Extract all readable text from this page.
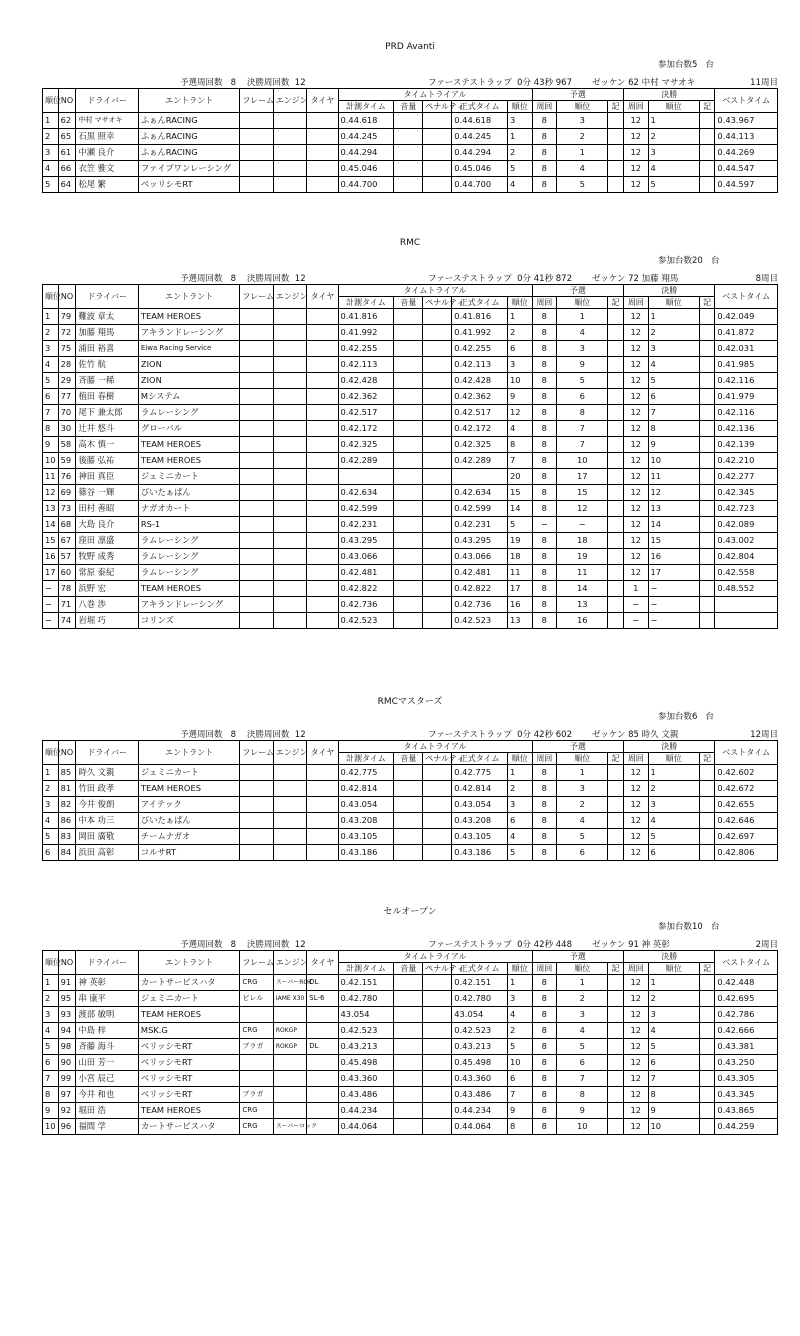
PRD Avanti
参加台数5 台
予選周回数 8 決勝周回数 12	ファーステストラップ 0分 43秒 967 ゼッケン 62 中村 マサオキ	11周目
順位	NO	ドライバー	エントラント	フレーム	エンジン	タイヤ	タイムトライアル					予選			決勝			ベストタイム
							計測タイム	音量	ペナルティ	正式タイム	順位	周回	順位	記	周回	順位	記	
1	62	中村 マサオキ	ふぁんRACING				0.44.618			0.44.618	3	8	3		12	1		0.43.967
2	65	石黒 照幸	ふぁんRACING				0.44.245			0.44.245	1	8	2		12	2		0.44.113
3	61	中瀬 良介	ふぁんRACING				0.44.294			0.44.294	2	8	1		12	3		0.44.269
4	66	衣笠 雅文	ファイブワンレーシング				0.45.046			0.45.046	5	8	4		12	4		0.44.547
5	64	松尾 繁	ベッリシモRT				0.44.700			0.44.700	4	8	5		12	5		0.44.597
RMC
参加台数20 台
予選周回数 8 決勝周回数 12	ファーステストラップ 0分 41秒 872 ゼッケン 72 加藤 翔馬	8周目
順位	NO	ドライバー	エントラント	フレーム	エンジン	タイヤ	タイムトライアル					予選			決勝			ベストタイム
							計測タイム	音量	ペナルティ	正式タイム	順位	周回	順位	記	周回	順位	記	
1	79	難波 章太	TEAM HEROES				0.41.816			0.41.816	1	8	1		12	1		0.42.049
2	72	加藤 翔馬	アキランドレーシング				0.41.992			0.41.992	2	8	4		12	2		0.41.872
3	75	浦田 裕喜	Eiwa Racing Service				0.42.255			0.42.255	6	8	3		12	3		0.42.031
4	28	佐竹 航	ZION				0.42.113			0.42.113	3	8	9		12	4		0.41.985
5	29	斉藤 一稀	ZION				0.42.428			0.42.428	10	8	5		12	5		0.42.116
6	77	植田 春樹	Mシステム				0.42.362			0.42.362	9	8	6		12	6		0.41.979
7	70	尾下 兼太郎	ラムレーシング				0.42.517			0.42.517	12	8	8		12	7		0.42.116
8	30	辻井 悠斗	グローバル				0.42.172			0.42.172	4	8	7		12	8		0.42.136
9	58	高木 慎一	TEAM HEROES				0.42.325			0.42.325	8	8	7		12	9		0.42.139
10	59	後藤 弘祐	TEAM HEROES				0.42.289			0.42.289	7	8	10		12	10		0.42.210
11	76	神田 真臣	ジェミニカート								20	8	17		12	11		0.42.277
12	69	篠谷 一輝	ぴいたぁぱん				0.42.634			0.42.634	15	8	15		12	12		0.42.345
13	73	田村 善昭	ナガオカート				0.42.599			0.42.599	14	8	12		12	13		0.42.723
14	68	大島 良介	RS-1				0.42.231			0.42.231	5	−	−		12	14		0.42.089
15	67	窪田 凛盛	ラムレーシング				0.43.295			0.43.295	19	8	18		12	15		0.43.002
16	57	牧野 成秀	ラムレーシング				0.43.066			0.43.066	18	8	19		12	16		0.42.804
17	60	常原 泰紀	ラムレーシング				0.42.481			0.42.481	11	8	11		12	17		0.42.558
−	78	浜野 宏	TEAM HEROES				0.42.822			0.42.822	17	8	14		1	−		0.48.552
−	71	八巻 渉	アキランドレーシング				0.42.736			0.42.736	16	8	13		−	−		
−	74	岩堀 巧	コリンズ				0.42.523			0.42.523	13	8	16		−	−		
RMCマスターズ
参加台数6 台
予選周回数 8 決勝周回数 12	ファーステストラップ 0分 42秒 602 ゼッケン 85 時久 文親	12周目
順位	NO	ドライバー	エントラント	フレーム	エンジン	タイヤ	タイムトライアル					予選			決勝			ベストタイム
							計測タイム	音量	ペナルティ	正式タイム	順位	周回	順位	記	周回	順位	記	
1	85	時久 文親	ジェミニカート				0.42.775			0.42.775	1	8	1		12	1		0.42.602
2	81	竹田 政孝	TEAM HEROES				0.42.814			0.42.814	2	8	3		12	2		0.42.672
3	82	今井 俊朗	アイテック				0.43.054			0.43.054	3	8	2		12	3		0.42.655
4	86	中本 功三	ぴいたぁぱん				0.43.208			0.43.208	6	8	4		12	4		0.42.646
5	83	岡田 廣敬	チームナガオ				0.43.105			0.43.105	4	8	5		12	5		0.42.697
6	84	浜田 高彰	コルサRT				0.43.186			0.43.186	5	8	6		12	6		0.42.806
セルオープン
参加台数10 台
予選周回数 8 決勝周回数 12	ファーステストラップ 0分 42秒 448 ゼッケン 91 神 英彰	2周目
順位	NO	ドライバー	エントラント	フレーム	エンジン	タイヤ	タイムトライアル					予選			決勝			ベストタイム
							計測タイム	音量	ペナルティ	正式タイム	順位	周回	順位	記	周回	順位	記	
1	91	神 英彰	カートサービスハタ	CRG	スーパーROK	DL	0.42.151			0.42.151	1	8	1		12	1		0.42.448
2	95	串 康平	ジェミニカート	ビレル	IAME X30	SL-6	0.42.780			0.42.780	3	8	2		12	2		0.42.695
3	93	渡部 敏明	TEAM HEROES				43.054			43.054	4	8	3		12	3		0.42.786
4	94	中島 梓	MSK.G	CRG	ROKGP		0.42.523			0.42.523	2	8	4		12	4		0.42.666
5	98	斉藤 海斗	ベリッシモRT	ブラガ	ROKGP	DL	0.43.213			0.43.213	5	8	5		12	5		0.43.381
6	90	山田 芳一	ベリッシモRT				0.45.498			0.45.498	10	8	6		12	6		0.43.250
7	99	小宮 辰己	ベリッシモRT				0.43.360			0.43.360	6	8	7		12	7		0.43.305
8	97	今井 和也	ベリッシモRT	ブラガ			0.43.486			0.43.486	7	8	8		12	8		0.43.345
9	92	堀田 浩	TEAM HEROES	CRG			0.44.234			0.44.234	9	8	9		12	9		0.43.865
10	96	福間 学	カートサービスハタ	CRG	スーパーロック		0.44.064			0.44.064	8	8	10		12	10		0.44.259
